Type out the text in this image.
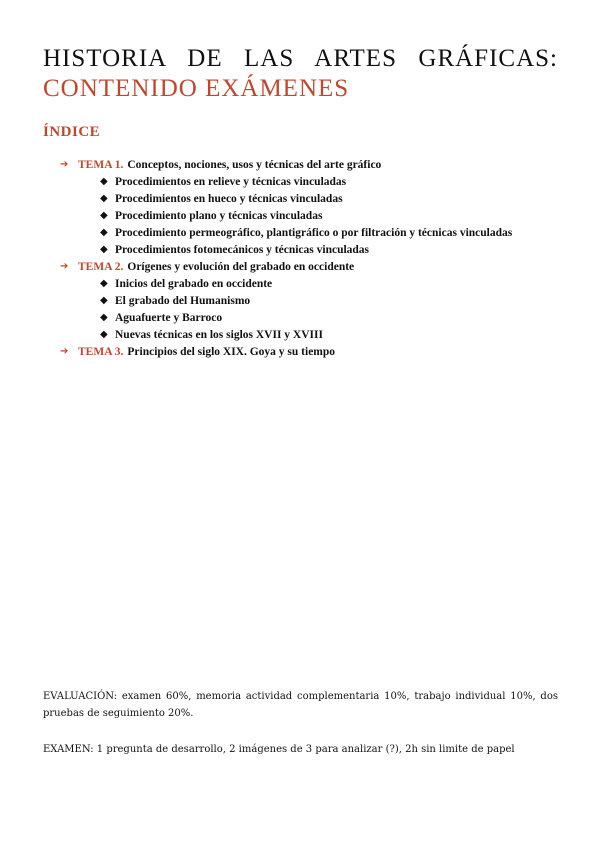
HISTORIA DE LAS ARTES GRÁFICAS:
CONTENIDO EXÁMENES
ÍNDICE
➔ TEMA 1. Conceptos, nociones, usos y técnicas del arte gráfico
◆ Procedimientos en relieve y técnicas vinculadas
◆ Procedimientos en hueco y técnicas vinculadas
◆ Procedimiento plano y técnicas vinculadas
◆ Procedimiento permeográfico, plantigráfico o por filtración y técnicas vinculadas
◆ Procedimientos fotomecánicos y técnicas vinculadas
➔ TEMA 2. Orígenes y evolución del grabado en occidente
◆ Inicios del grabado en occidente
◆ El grabado del Humanismo
◆ Aguafuerte y Barroco
◆ Nuevas técnicas en los siglos XVII y XVIII
➔ TEMA 3. Principios del siglo XIX. Goya y su tiempo
EVALUACIÓN: examen 60%, memoria actividad complementaria 10%, trabajo individual 10%, dos pruebas de seguimiento 20%.
EXAMEN: 1 pregunta de desarrollo, 2 imágenes de 3 para analizar (?), 2h sin limite de papel
